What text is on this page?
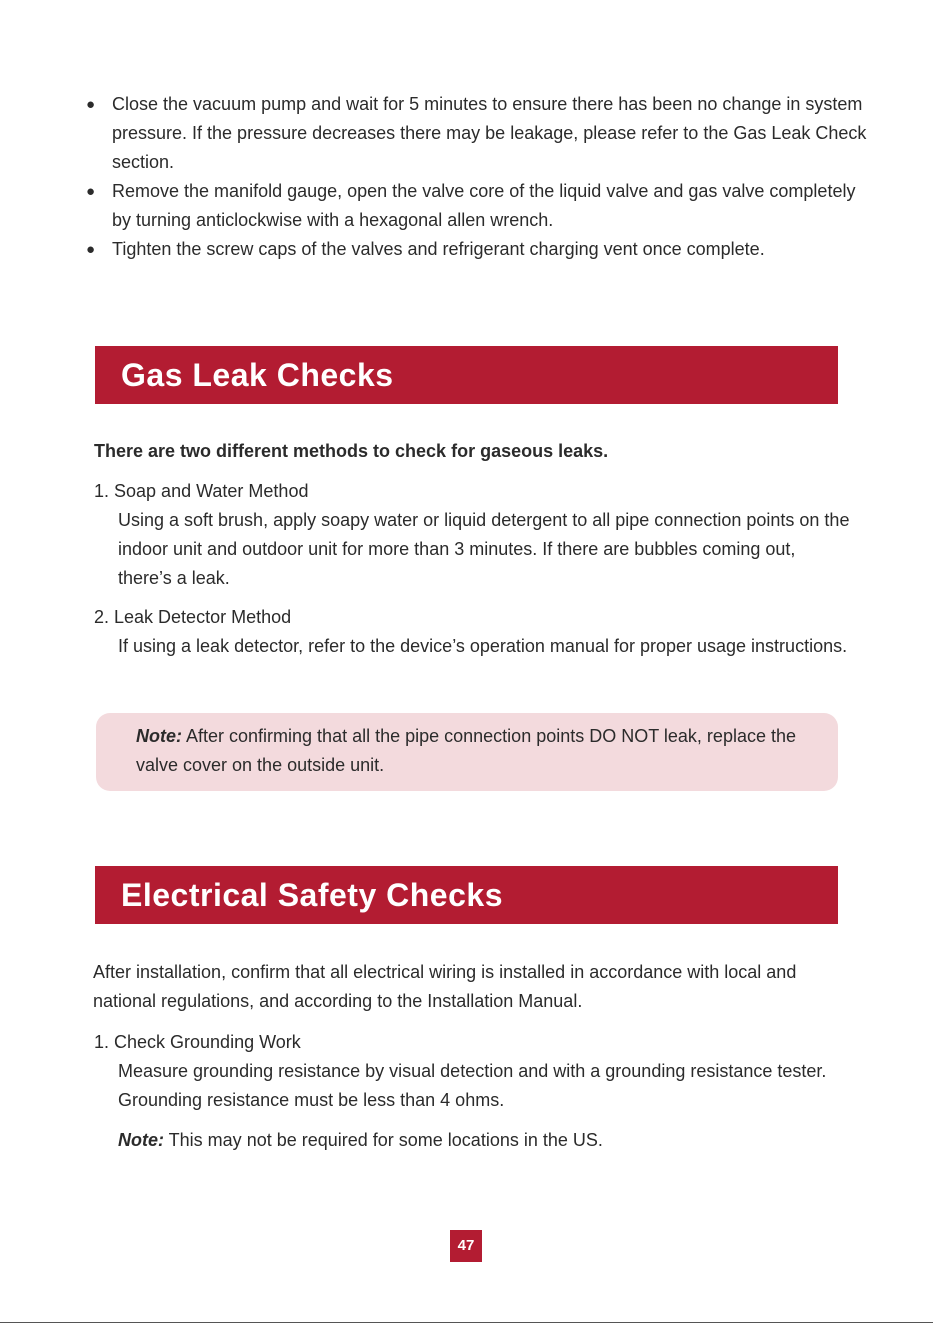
● Close the vacuum pump and wait for 5 minutes to ensure there has been no change in system pressure. If the pressure decreases there may be leakage, please refer to the Gas Leak Check section.
● Remove the manifold gauge, open the valve core of the liquid valve and gas valve completely by turning anticlockwise with a hexagonal allen wrench.
● Tighten the screw caps of the valves and refrigerant charging vent once complete.
Gas Leak Checks
There are two different methods to check for gaseous leaks.
1. Soap and Water Method
Using a soft brush, apply soapy water or liquid detergent to all pipe connection points on the indoor unit and outdoor unit for more than 3 minutes. If there are bubbles coming out, there’s a leak.
2. Leak Detector Method
If using a leak detector, refer to the device’s operation manual for proper usage instructions.
Note: After confirming that all the pipe connection points DO NOT leak, replace the valve cover on the outside unit.
Electrical Safety Checks
After installation, confirm that all electrical wiring is installed in accordance with local and national regulations, and according to the Installation Manual.
1. Check Grounding Work
Measure grounding resistance by visual detection and with a grounding resistance tester. Grounding resistance must be less than 4 ohms.
Note: This may not be required for some locations in the US.
47
